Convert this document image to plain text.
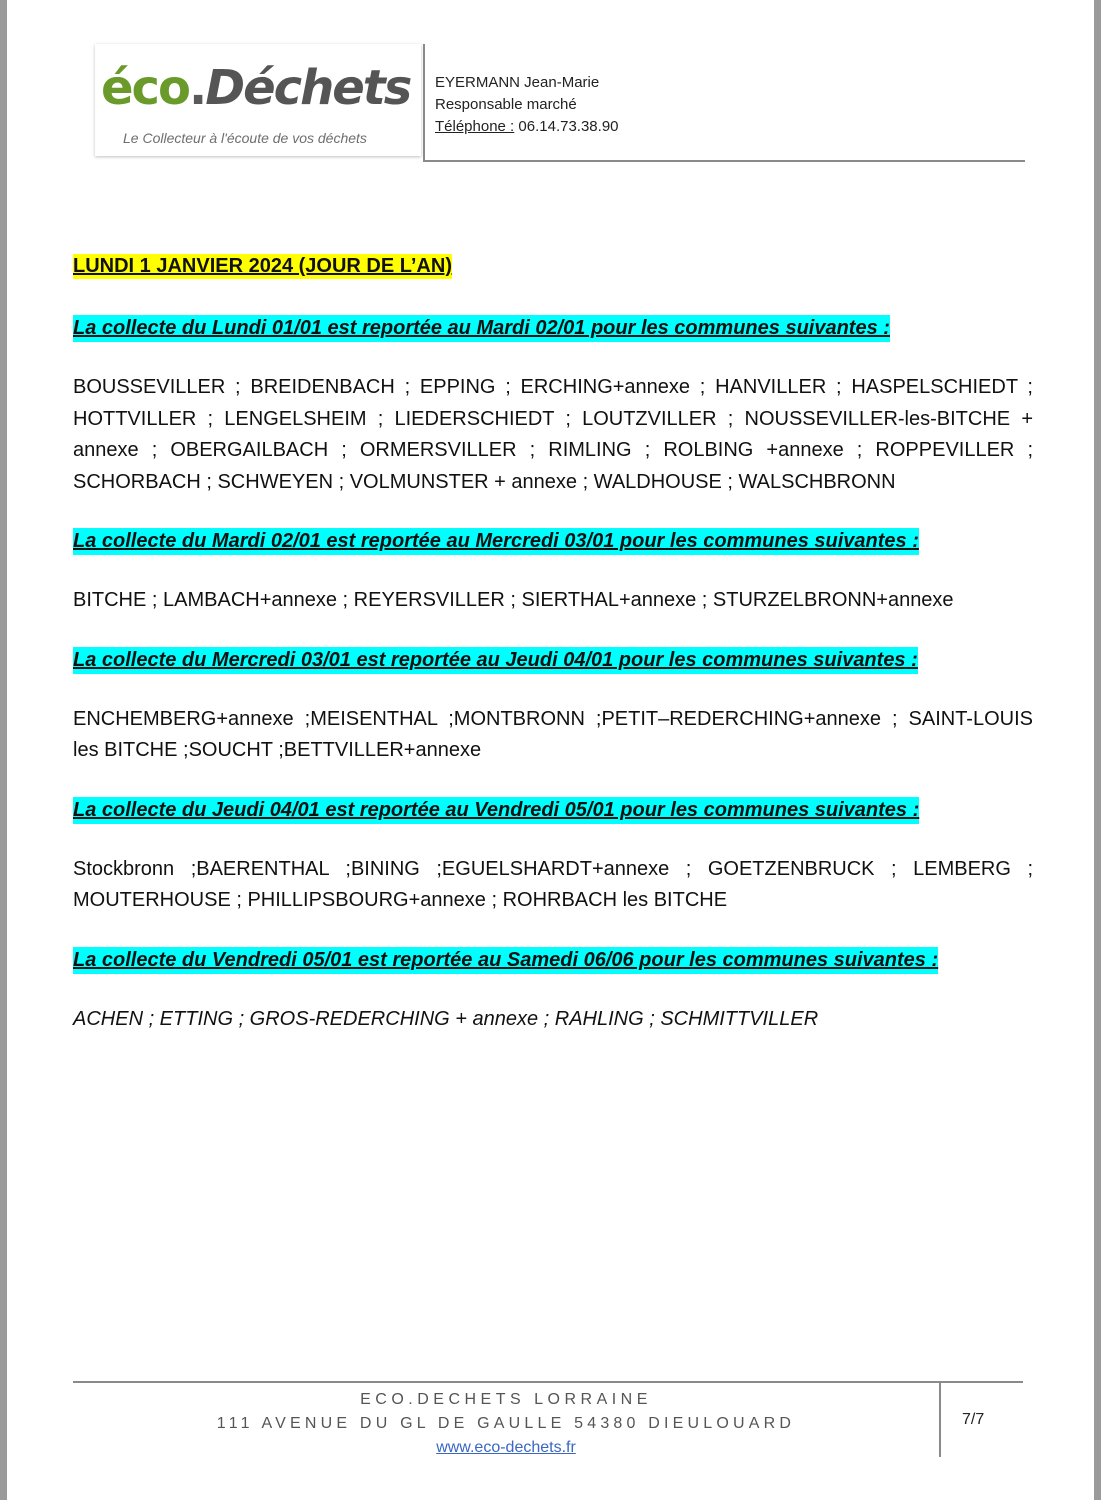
éco.Déchets
Le Collecteur à l'écoute de vos déchets
EYERMANN Jean-Marie
Responsable marché
Téléphone : 06.14.73.38.90
LUNDI 1 JANVIER 2024 (JOUR DE L’AN)
La collecte du Lundi 01/01 est reportée au Mardi 02/01 pour les communes suivantes :
BOUSSEVILLER ; BREIDENBACH ; EPPING ; ERCHING+annexe ; HANVILLER ; HASPELSCHIEDT ; HOTTVILLER ; LENGELSHEIM ; LIEDERSCHIEDT ; LOUTZVILLER ; NOUSSEVILLER-les-BITCHE + annexe ; OBERGAILBACH ; ORMERSVILLER ; RIMLING ; ROLBING +annexe ; ROPPEVILLER ; SCHORBACH ; SCHWEYEN ; VOLMUNSTER + annexe ; WALDHOUSE ; WALSCHBRONN
La collecte du Mardi 02/01 est reportée au Mercredi 03/01 pour les communes suivantes :
BITCHE ; LAMBACH+annexe ; REYERSVILLER ; SIERTHAL+annexe ; STURZELBRONN+annexe
La collecte du Mercredi 03/01 est reportée au Jeudi 04/01 pour les communes suivantes :
ENCHEMBERG+annexe ;MEISENTHAL ;MONTBRONN ;PETIT–REDERCHING+annexe ; SAINT-LOUIS les BITCHE ;SOUCHT ;BETTVILLER+annexe
La collecte du Jeudi 04/01 est reportée au Vendredi 05/01 pour les communes suivantes :
Stockbronn ;BAERENTHAL ;BINING ;EGUELSHARDT+annexe ; GOETZENBRUCK ; LEMBERG ; MOUTERHOUSE ; PHILLIPSBOURG+annexe ; ROHRBACH les BITCHE
La collecte du Vendredi 05/01 est reportée au Samedi 06/06 pour les communes suivantes :
ACHEN ; ETTING ; GROS-REDERCHING + annexe ; RAHLING ; SCHMITTVILLER
ECO.DECHETS LORRAINE
111 AVENUE DU GL DE GAULLE 54380 DIEULOUARD
www.eco-dechets.fr
7/7
